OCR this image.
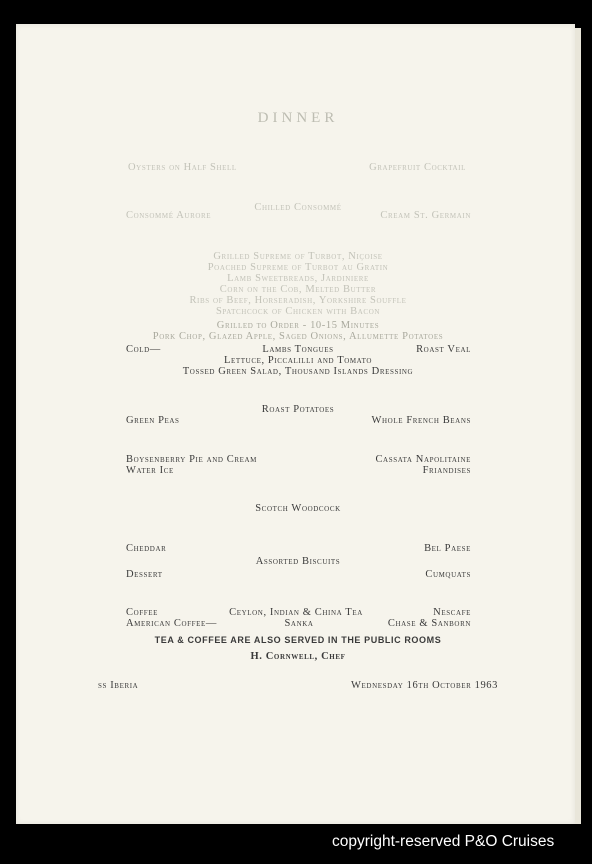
DINNER
Oysters on Half Shell	Grapefruit Cocktail
Chilled Consommé
Consommé Aurore	Cream St. Germain
Grilled Supreme of Turbot, Niçoise
Poached Supreme of Turbot au Gratin
Lamb Sweetbreads, Jardiniere
Corn on the Cob, Melted Butter
Ribs of Beef, Horseradish, Yorkshire Souffle
Spatchcock of Chicken with Bacon
Grilled to Order - 10-15 Minutes
Pork Chop, Glazed Apple, Saged Onions, Allumette Potatoes
Cold—	Lambs Tongues	Roast Veal
Lettuce, Piccalilli and Tomato
Tossed Green Salad, Thousand Islands Dressing
Roast Potatoes
Green Peas	Whole French Beans
Boysenberry Pie and Cream	Cassata Napolitaine
Water Ice	Friandises
Scotch Woodcock
Cheddar	Bel Paese
Assorted Biscuits
Dessert	Cumquats
Coffee	Ceylon, Indian & China Tea	Nescafe
American Coffee—	Sanka	Chase & Sanborn
TEA & COFFEE ARE ALSO SERVED IN THE PUBLIC ROOMS
H. Cornwell, Chef
ss Iberia	Wednesday 16th October 1963
copyright-reserved P&O Cruises
